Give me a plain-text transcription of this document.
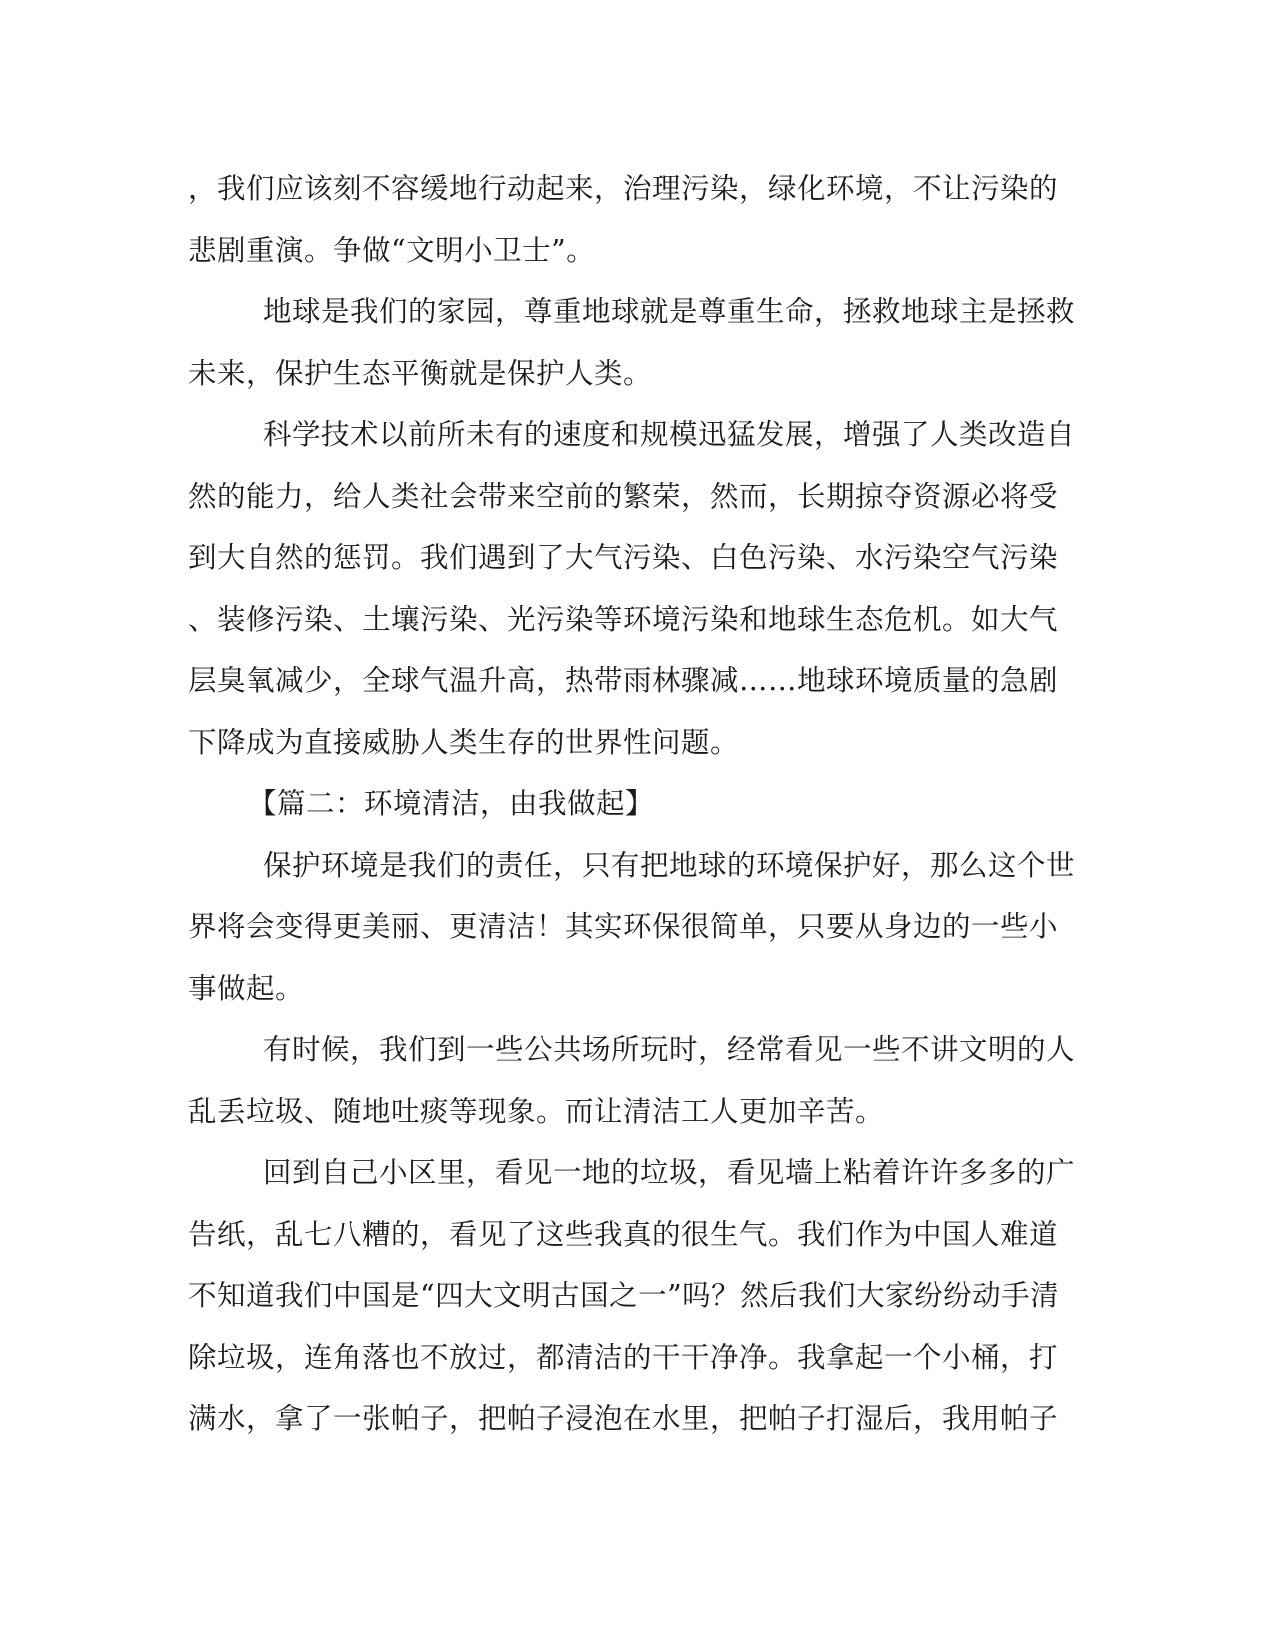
，我们应该刻不容缓地行动起来，治理污染，绿化环境，不让污染的
悲剧重演。争做“文明小卫士”。
地球是我们的家园，尊重地球就是尊重生命，拯救地球主是拯救
未来，保护生态平衡就是保护人类。
科学技术以前所未有的速度和规模迅猛发展，增强了人类改造自
然的能力，给人类社会带来空前的繁荣，然而，长期掠夺资源必将受
到大自然的惩罚。我们遇到了大气污染、白色污染、水污染空气污染
、装修污染、土壤污染、光污染等环境污染和地球生态危机。如大气
层臭氧减少，全球气温升高，热带雨林骤减……地球环境质量的急剧
下降成为直接威胁人类生存的世界性问题。
【篇二：环境清洁，由我做起】
保护环境是我们的责任，只有把地球的环境保护好，那么这个世
界将会变得更美丽、更清洁！其实环保很简单，只要从身边的一些小
事做起。
有时候，我们到一些公共场所玩时，经常看见一些不讲文明的人
乱丢垃圾、随地吐痰等现象。而让清洁工人更加辛苦。
回到自己小区里，看见一地的垃圾，看见墙上粘着许许多多的广
告纸，乱七八糟的，看见了这些我真的很生气。我们作为中国人难道
不知道我们中国是“四大文明古国之一”吗？然后我们大家纷纷动手清
除垃圾，连角落也不放过，都清洁的干干净净。我拿起一个小桶，打
满水，拿了一张帕子，把帕子浸泡在水里，把帕子打湿后，我用帕子
